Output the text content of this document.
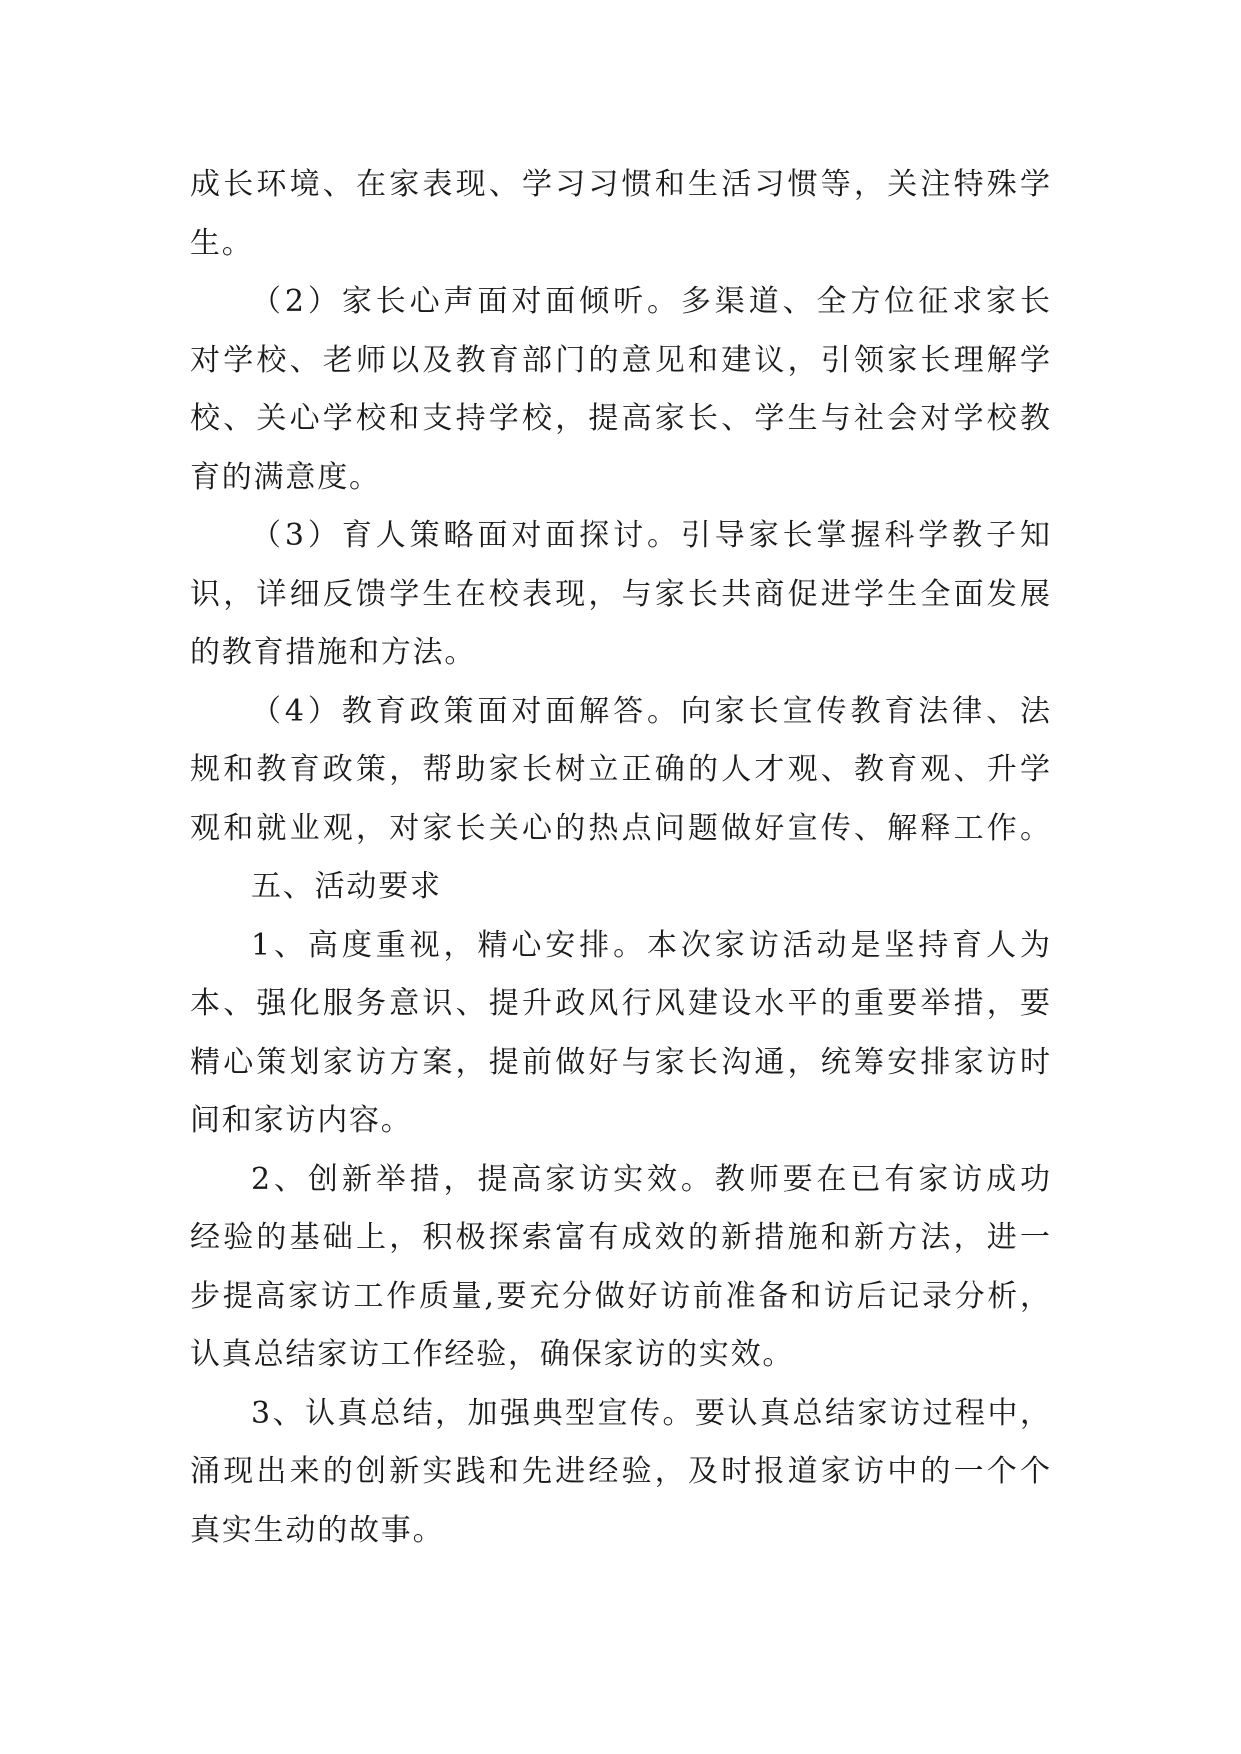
成长环境、在家表现、学习习惯和生活习惯等，关注特殊学
生。
（2）家长心声面对面倾听。多渠道、全方位征求家长
对学校、老师以及教育部门的意见和建议，引领家长理解学
校、关心学校和支持学校，提高家长、学生与社会对学校教
育的满意度。
（3）育人策略面对面探讨。引导家长掌握科学教子知
识，详细反馈学生在校表现，与家长共商促进学生全面发展
的教育措施和方法。
（4）教育政策面对面解答。向家长宣传教育法律、法
规和教育政策，帮助家长树立正确的人才观、教育观、升学
观和就业观，对家长关心的热点问题做好宣传、解释工作。
五、活动要求
1、高度重视，精心安排。本次家访活动是坚持育人为
本、强化服务意识、提升政风行风建设水平的重要举措，要
精心策划家访方案，提前做好与家长沟通，统筹安排家访时
间和家访内容。
2、创新举措，提高家访实效。教师要在已有家访成功
经验的基础上，积极探索富有成效的新措施和新方法，进一
步提高家访工作质量,要充分做好访前准备和访后记录分析，
认真总结家访工作经验，确保家访的实效。
3、认真总结，加强典型宣传。要认真总结家访过程中，
涌现出来的创新实践和先进经验，及时报道家访中的一个个
真实生动的故事。
